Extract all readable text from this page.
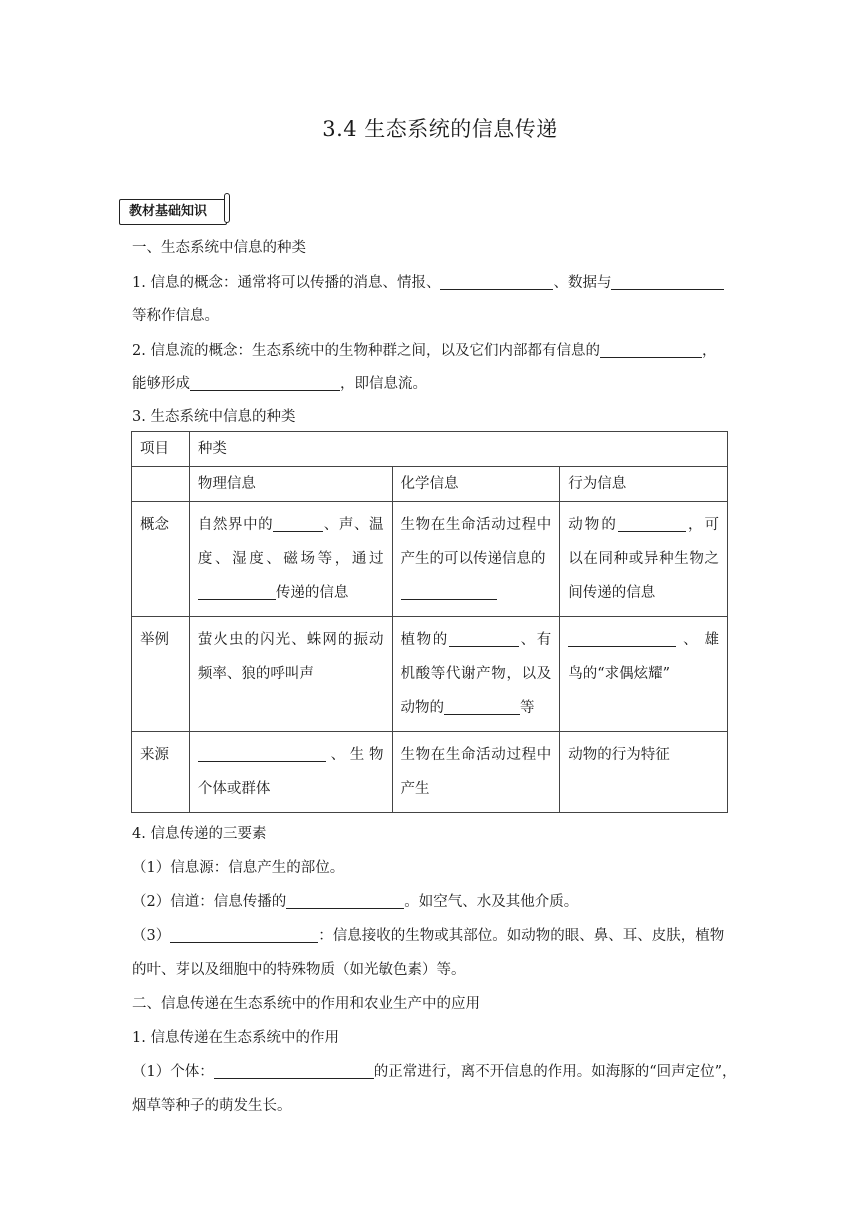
3.4 生态系统的信息传递
教材基础知识
一、生态系统中信息的种类
1. 信息的概念：通常将可以传播的消息、情报、	、数据与
等称作信息。
2. 信息流的概念：生态系统中的生物种群之间，以及它们内部都有信息的	，
能够形成	，即信息流。
3. 生态系统中信息的种类
项目	种类		
	物理信息	化学信息	行为信息
概念	自然界中的 、声、温度、湿度、磁场等，通过传递的信息	生物在生命活动过程中产生的可以传递信息的	动物的 ，可以在同种或异种生物之间传递的信息
举例	萤火虫的闪光、蛛网的振动频率、狼的呼叫声	植物的 、有机酸等代谢产物，以及动物的 等	、雄鸟的“求偶炫耀”
来源	、生物个体或群体	生物在生命活动过程中产生	动物的行为特征
4. 信息传递的三要素
（1）信息源：信息产生的部位。
（2）信道：信息传播的	。如空气、水及其他介质。
（3）	：信息接收的生物或其部位。如动物的眼、鼻、耳、皮肤，植物
的叶、芽以及细胞中的特殊物质（如光敏色素）等。
二、信息传递在生态系统中的作用和农业生产中的应用
1. 信息传递在生态系统中的作用
（1）个体：	的正常进行，离不开信息的作用。如海豚的“回声定位”，
烟草等种子的萌发生长。
